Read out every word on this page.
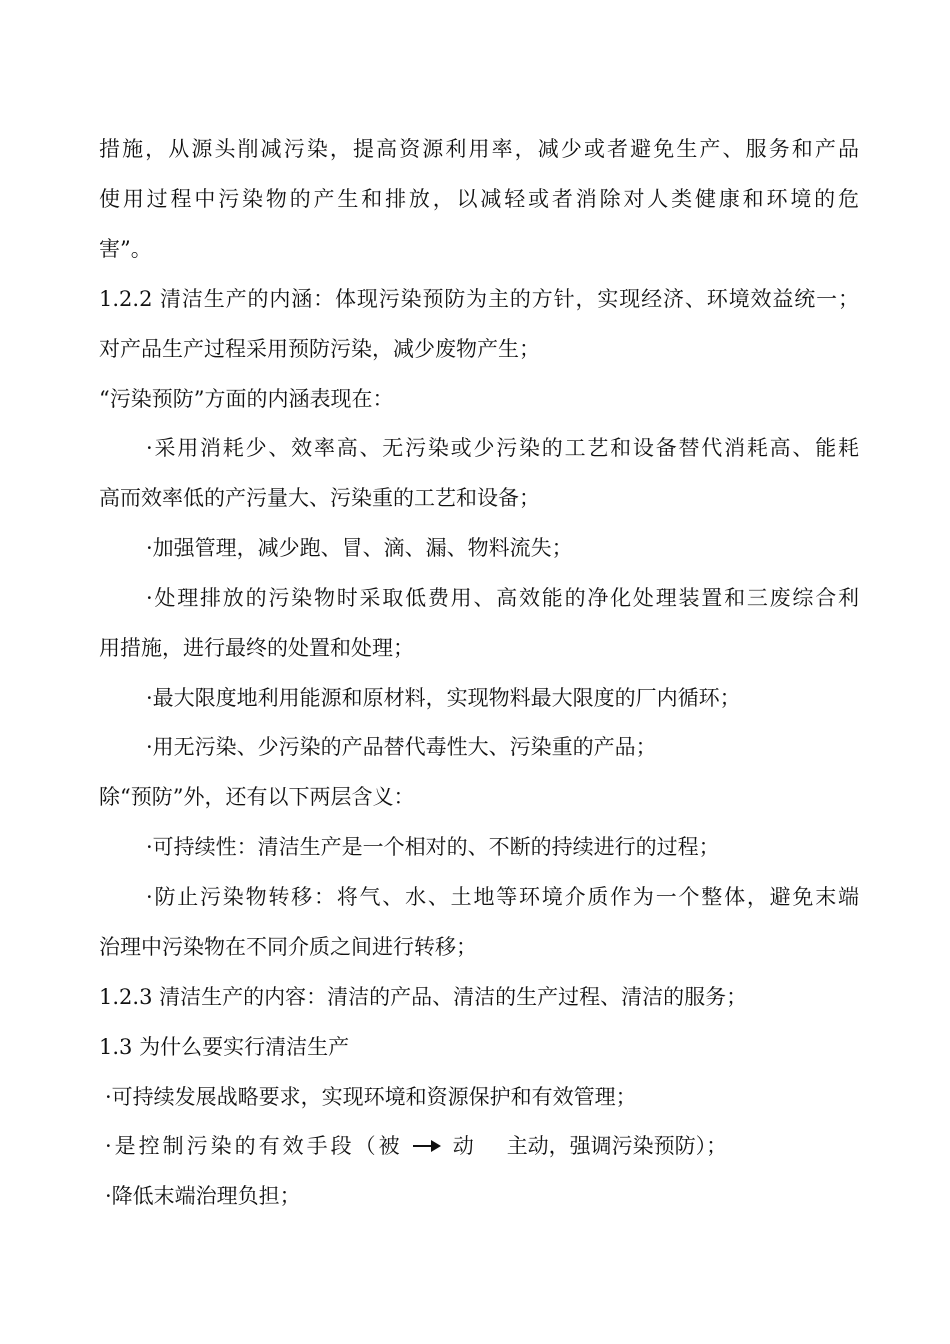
措施，从源头削减污染，提高资源利用率，减少或者避免生产、服务和产品
使用过程中污染物的产生和排放，以减轻或者消除对人类健康和环境的危
害”。
1.2.2 清洁生产的内涵：体现污染预防为主的方针，实现经济、环境效益统一；
对产品生产过程采用预防污染，减少废物产生；
“污染预防”方面的内涵表现在：
·采用消耗少、效率高、无污染或少污染的工艺和设备替代消耗高、能耗
高而效率低的产污量大、污染重的工艺和设备；
·加强管理，减少跑、冒、滴、漏、物料流失；
·处理排放的污染物时采取低费用、高效能的净化处理装置和三废综合利
用措施，进行最终的处置和处理；
·最大限度地利用能源和原材料，实现物料最大限度的厂内循环；
·用无污染、少污染的产品替代毒性大、污染重的产品；
除“预防”外，还有以下两层含义：
·可持续性：清洁生产是一个相对的、不断的持续进行的过程；
·防止污染物转移：将气、水、土地等环境介质作为一个整体，避免末端
治理中污染物在不同介质之间进行转移；
1.2.3 清洁生产的内容：清洁的产品、清洁的生产过程、清洁的服务；
1.3 为什么要实行清洁生产
·可持续发展战略要求，实现环境和资源保护和有效管理；
·是控制污染的有效手段（被 动 主动，强调污染预防）；
·降低末端治理负担；
